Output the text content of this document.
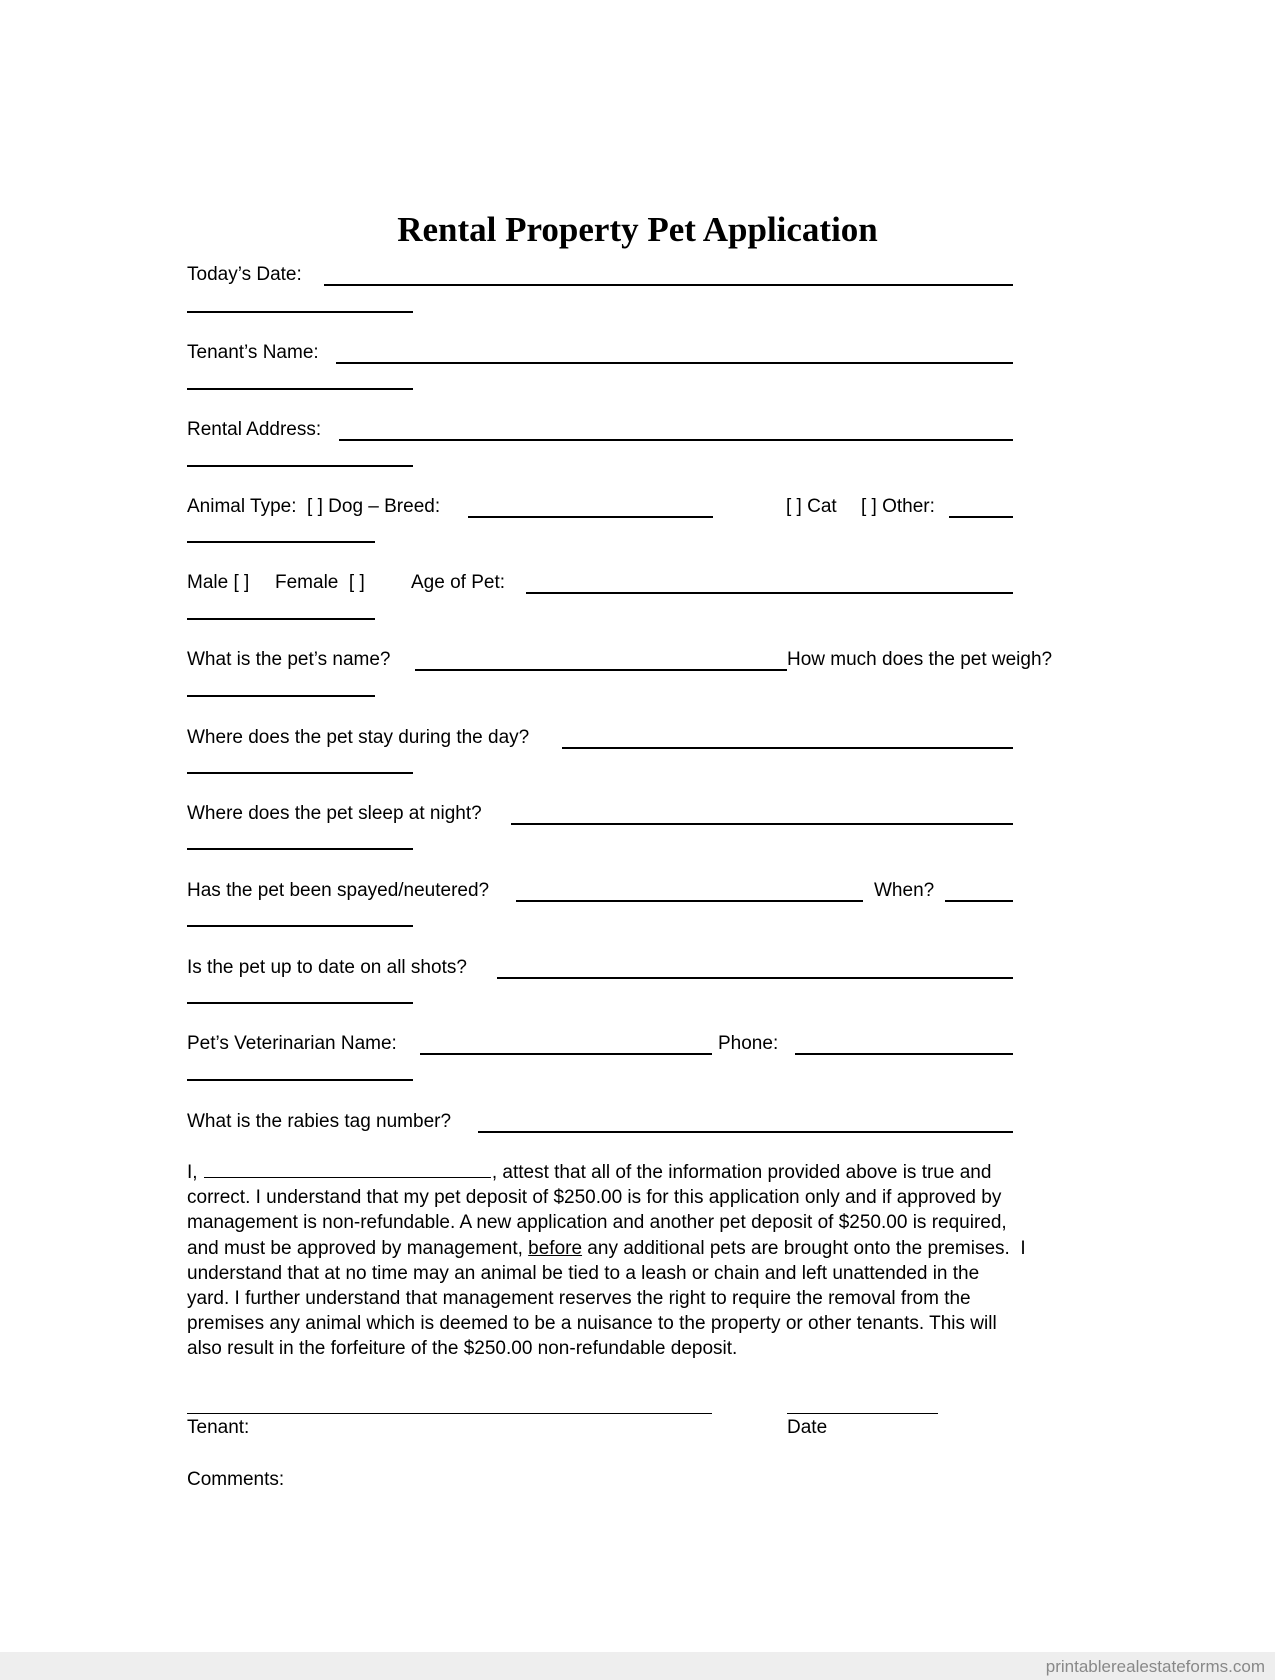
Rental Property Pet Application
Today’s Date:
Tenant’s Name:
Rental Address:
Animal Type:  [ ] Dog – Breed:	[ ] Cat [ ] Other:
Male [ ] Female  [ ] Age of Pet:
What is the pet’s name?	How much does the pet weigh?
Where does the pet stay during the day?
Where does the pet sleep at night?
Has the pet been spayed/neutered?	When?
Is the pet up to date on all shots?
Pet’s Veterinarian Name:	Phone:
What is the rabies tag number?
I,	, attest that all of the information provided above is true and
correct. I understand that my pet deposit of $250.00 is for this application only and if approved by
management is non-refundable. A new application and another pet deposit of $250.00 is required,
and must be approved by management, before any additional pets are brought onto the premises.  I
understand that at no time may an animal be tied to a leash or chain and left unattended in the
yard. I further understand that management reserves the right to require the removal from the
premises any animal which is deemed to be a nuisance to the property or other tenants. This will
also result in the forfeiture of the $250.00 non-refundable deposit.
Tenant:	Date
Comments:
printablerealestateforms.com
